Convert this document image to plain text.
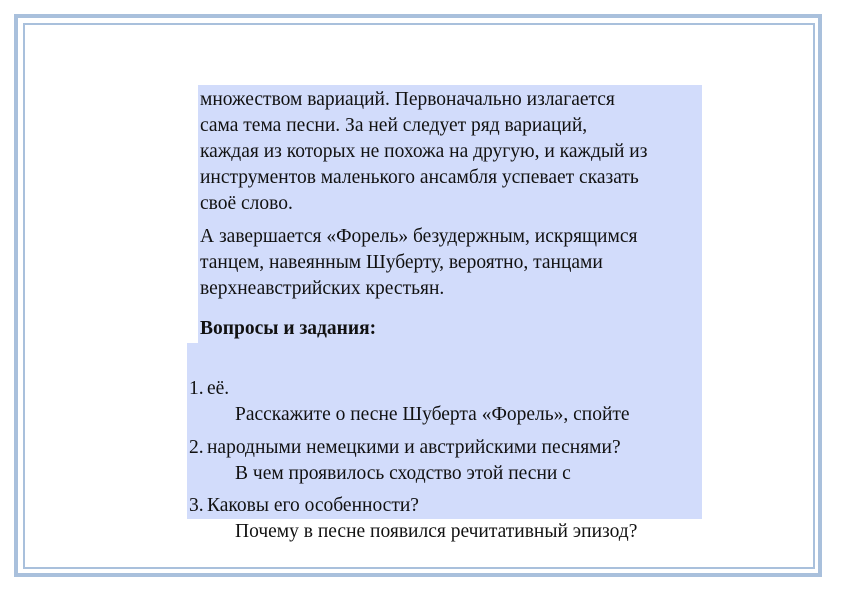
множеством вариаций. Первоначально излагается

сама тема песни. За ней следует ряд вариаций,

каждая из которых не похожа на другую, и каждый из

инструментов маленького ансамбля успевает сказать

своё слово.

А завершается «Форель» безудержным, искрящимся

танцем, навеянным Шуберту, вероятно, танцами

верхнеавстрийских крестьян.

Вопросы и задания:

1.

Расскажите о песне Шуберта «Форель», спойте

её.

2.

В чем проявилось сходство этой песни с

народными немецкими и австрийскими песнями?

3.

Почему в песне появился речитативный эпизод?

Каковы его особенности?
